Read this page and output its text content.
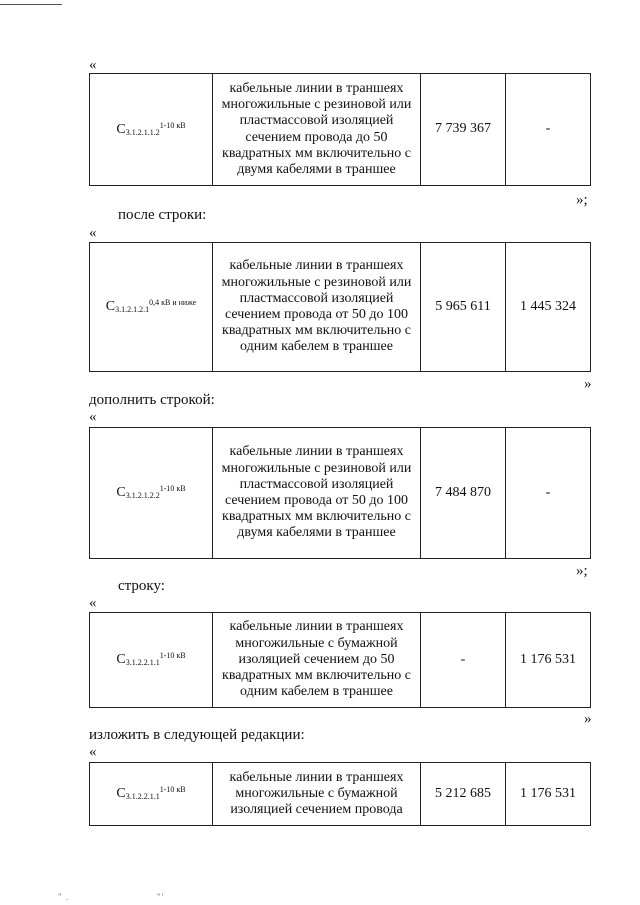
«
$С_{3.1.2.1.1.2}^{1-10 кВ}$	кабельные линии в траншеях многожильные с резиновой или пластмассовой изоляцией сечением провода до 50 квадратных мм включительно с двумя кабелями в траншее	7 739 367	-
»;
после строки:
«
$С_{3.1.2.1.2.1}^{0,4 кВ и ниже}$	кабельные линии в траншеях многожильные с резиновой или пластмассовой изоляцией сечением провода от 50 до 100 квадратных мм включительно с одним кабелем в траншее	5 965 611	1 445 324
»
дополнить строкой:
«
$С_{3.1.2.1.2.2}^{1-10 кВ}$	кабельные линии в траншеях многожильные с резиновой или пластмассовой изоляцией сечением провода от 50 до 100 квадратных мм включительно с двумя кабелями в траншее	7 484 870	-
»;
строку:
«
$С_{3.1.2.2.1.1}^{1-10 кВ}$	кабельные линии в траншеях многожильные с бумажной изоляцией сечением до 50 квадратных мм включительно с одним кабелем в траншее	-	1 176 531
»
изложить в следующей редакции:
«
$С_{3.1.2.2.1.1}^{1-10 кВ}$	кабельные линии в траншеях многожильные с бумажной изоляцией сечением провода	5 212 685	1 176 531
" .	"'
